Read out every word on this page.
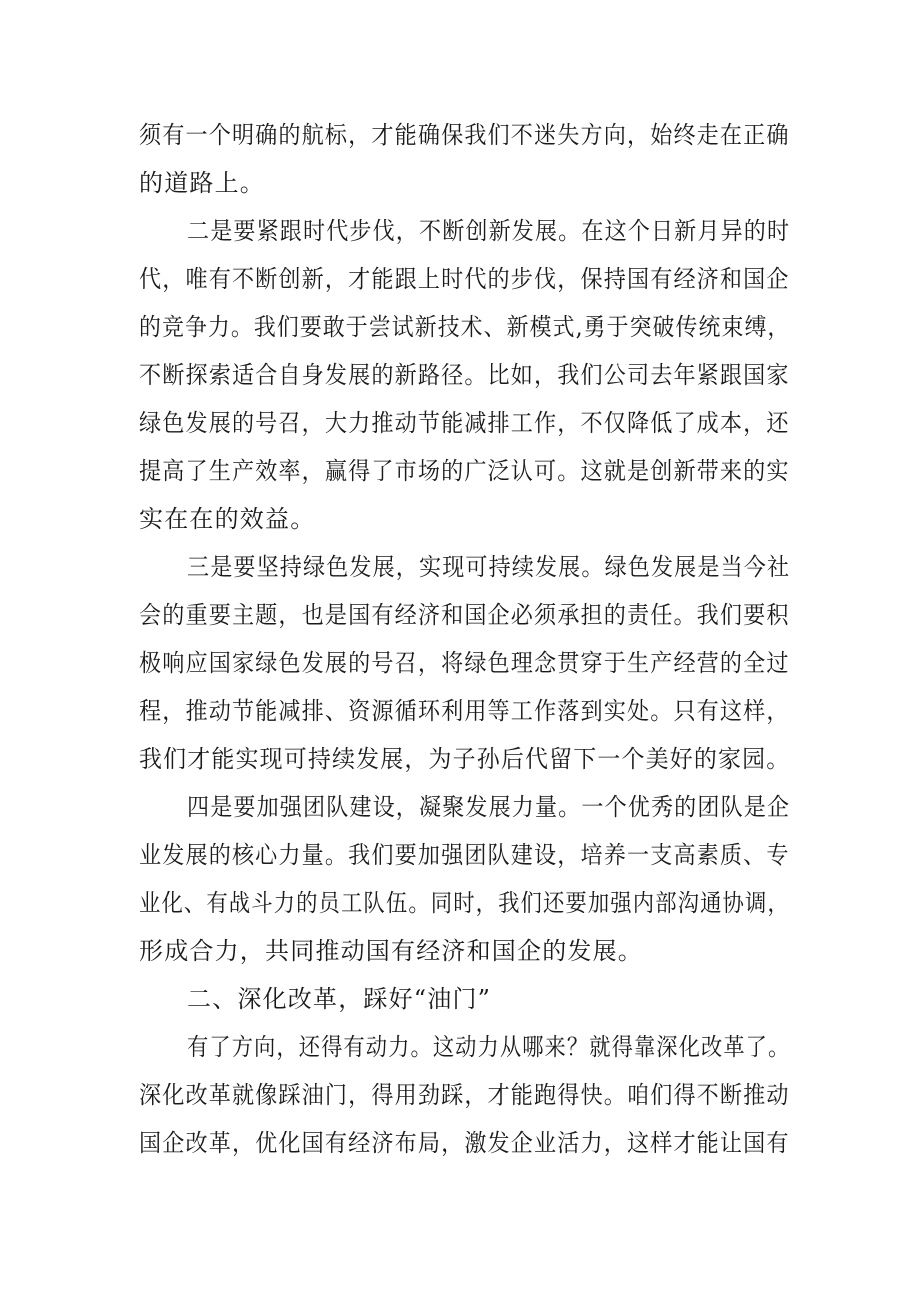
须有一个明确的航标，才能确保我们不迷失方向，始终走在正确
的道路上。
二是要紧跟时代步伐，不断创新发展。在这个日新月异的时
代，唯有不断创新，才能跟上时代的步伐，保持国有经济和国企
的竞争力。我们要敢于尝试新技术、新模式,勇于突破传统束缚，
不断探索适合自身发展的新路径。比如，我们公司去年紧跟国家
绿色发展的号召，大力推动节能减排工作，不仅降低了成本，还
提高了生产效率，赢得了市场的广泛认可。这就是创新带来的实
实在在的效益。
三是要坚持绿色发展，实现可持续发展。绿色发展是当今社
会的重要主题，也是国有经济和国企必须承担的责任。我们要积
极响应国家绿色发展的号召，将绿色理念贯穿于生产经营的全过
程，推动节能减排、资源循环利用等工作落到实处。只有这样，
我们才能实现可持续发展，为子孙后代留下一个美好的家园。
四是要加强团队建设，凝聚发展力量。一个优秀的团队是企
业发展的核心力量。我们要加强团队建设，培养一支高素质、专
业化、有战斗力的员工队伍。同时，我们还要加强内部沟通协调，
形成合力，共同推动国有经济和国企的发展。
二、深化改革，踩好“油门”
有了方向，还得有动力。这动力从哪来？就得靠深化改革了。
深化改革就像踩油门，得用劲踩，才能跑得快。咱们得不断推动
国企改革，优化国有经济布局，激发企业活力，这样才能让国有
